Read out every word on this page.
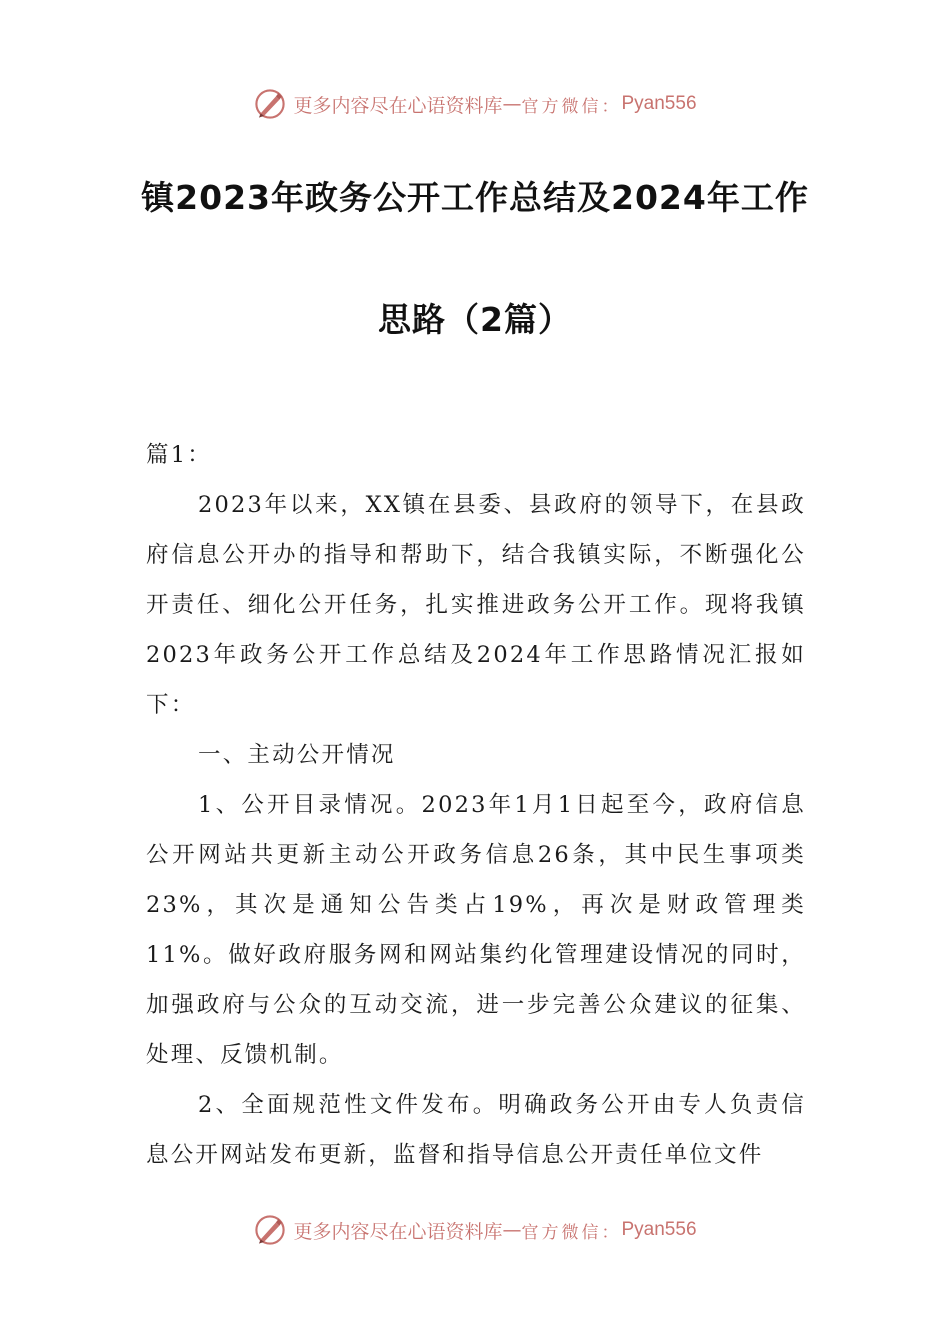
更多内容尽在心语资料库 — 官方微信： Pyan556
镇2023年政务公开工作总结及2024年工作
思路（2篇）

篇1：

2023年以来，XX镇在县委、县政府的领导下，在县政府信息公开办的指导和帮助下，结合我镇实际，不断强化公开责任、细化公开任务，扎实推进政务公开工作。现将我镇2023年政务公开工作总结及2024年工作思路情况汇报如下：

一、主动公开情况

1、公开目录情况。2023年1月1日起至今，政府信息公开网站共更新主动公开政务信息26条，其中民生事项类23%，其次是通知公告类占19%，再次是财政管理类11%。做好政府服务网和网站集约化管理建设情况的同时，加强政府与公众的互动交流，进一步完善公众建议的征集、处理、反馈机制。

2、全面规范性文件发布。明确政务公开由专人负责信息公开网站发布更新，监督和指导信息公开责任单位文件

更多内容尽在心语资料库 — 官方微信： Pyan556
